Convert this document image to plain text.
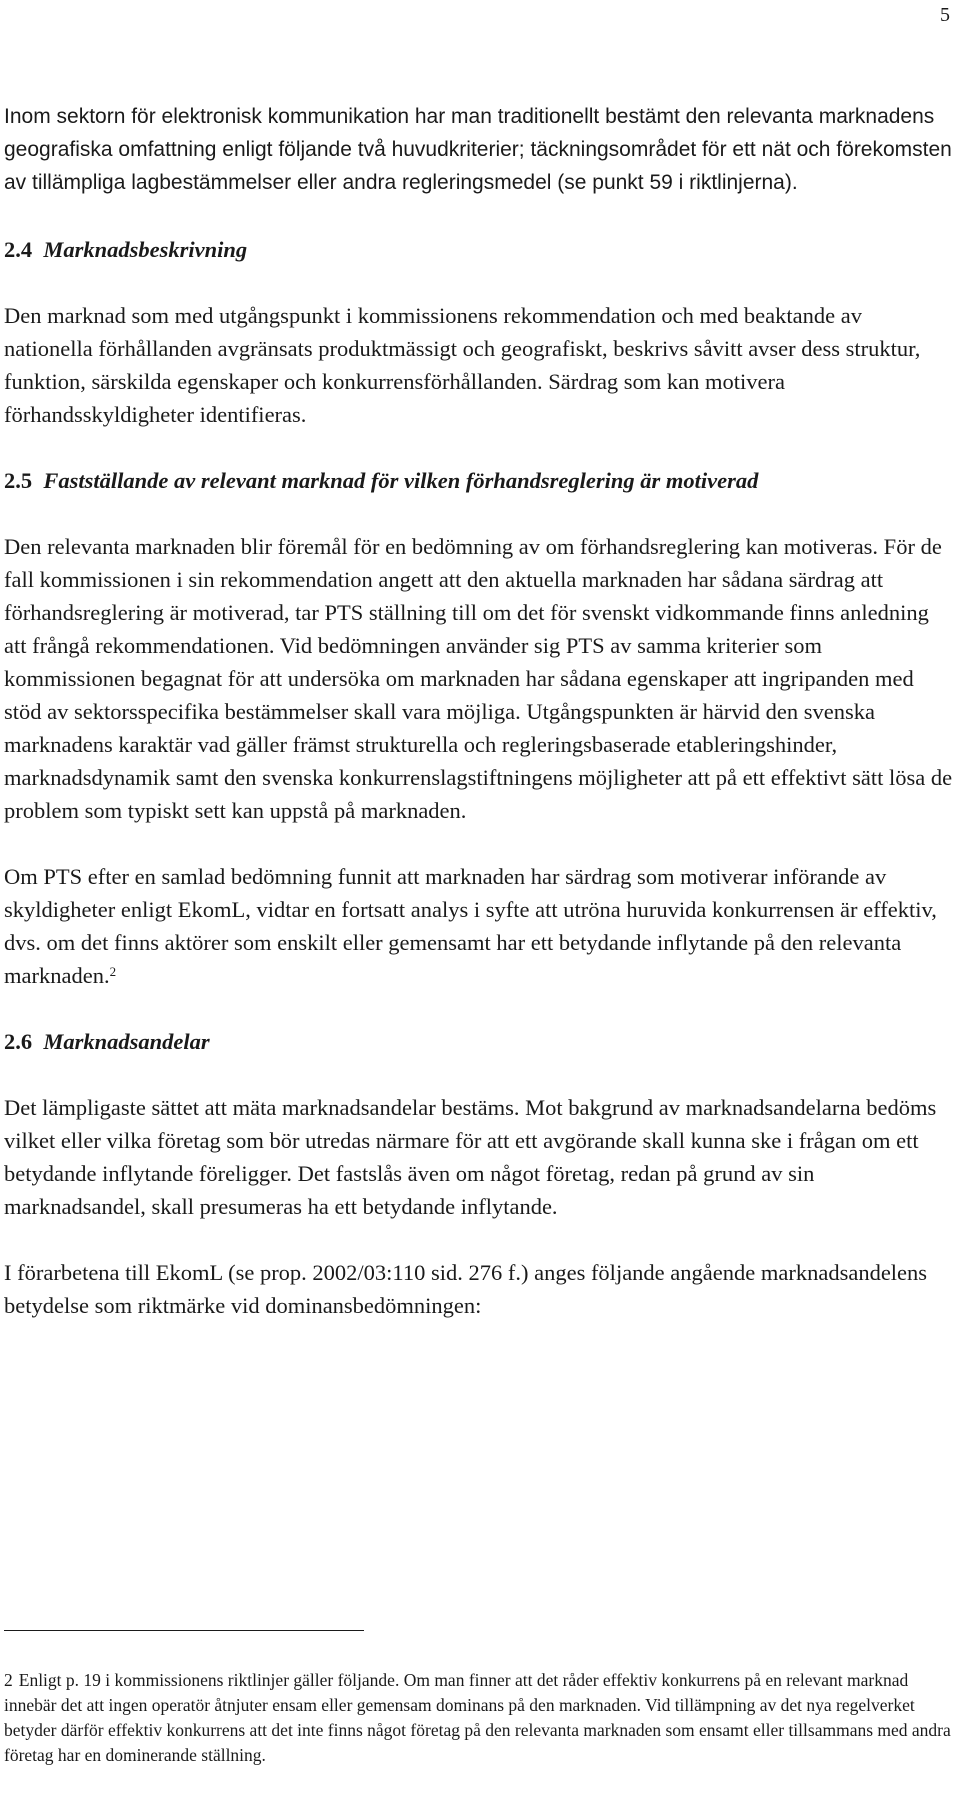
5

Inom sektorn för elektronisk kommunikation har man traditionellt bestämt den relevanta marknadens geografiska omfattning enligt följande två huvudkriterier; täckningsområdet för ett nät och förekomsten av tillämpliga lagbestämmelser eller andra regleringsmedel (se punkt 59 i riktlinjerna).

2.4 Marknadsbeskrivning

Den marknad som med utgångspunkt i kommissionens rekommendation och med beaktande av nationella förhållanden avgränsats produktmässigt och geografiskt, beskrivs såvitt avser dess struktur, funktion, särskilda egenskaper och konkurrensförhållanden. Särdrag som kan motivera förhandsskyldigheter identifieras.

2.5 Fastställande av relevant marknad för vilken förhandsreglering är motiverad

Den relevanta marknaden blir föremål för en bedömning av om förhandsreglering kan motiveras. För de fall kommissionen i sin rekommendation angett att den aktuella marknaden har sådana särdrag att förhandsreglering är motiverad, tar PTS ställning till om det för svenskt vidkommande finns anledning att frångå rekommendationen. Vid bedömningen använder sig PTS av samma kriterier som kommissionen begagnat för att undersöka om marknaden har sådana egenskaper att ingripanden med stöd av sektorsspecifika bestämmelser skall vara möjliga. Utgångspunkten är härvid den svenska marknadens karaktär vad gäller främst strukturella och regleringsbaserade etableringshinder, marknadsdynamik samt den svenska konkurrenslagstiftningens möjligheter att på ett effektivt sätt lösa de problem som typiskt sett kan uppstå på marknaden.

Om PTS efter en samlad bedömning funnit att marknaden har särdrag som motiverar införande av skyldigheter enligt EkomL, vidtar en fortsatt analys i syfte att utröna huruvida konkurrensen är effektiv, dvs. om det finns aktörer som enskilt eller gemensamt har ett betydande inflytande på den relevanta marknaden.$^2$

2.6 Marknadsandelar

Det lämpligaste sättet att mäta marknadsandelar bestäms. Mot bakgrund av marknadsandelarna bedöms vilket eller vilka företag som bör utredas närmare för att ett avgörande skall kunna ske i frågan om ett betydande inflytande föreligger. Det fastslås även om något företag, redan på grund av sin marknadsandel, skall presumeras ha ett betydande inflytande.

I förarbetena till EkomL (se prop. 2002/03:110 sid. 276 f.) anges följande angående marknadsandelens betydelse som riktmärke vid dominansbedömningen:

2 Enligt p. 19 i kommissionens riktlinjer gäller följande. Om man finner att det råder effektiv konkurrens på en relevant marknad innebär det att ingen operatör åtnjuter ensam eller gemensam dominans på den marknaden. Vid tillämpning av det nya regelverket betyder därför effektiv konkurrens att det inte finns något företag på den relevanta marknaden som ensamt eller tillsammans med andra företag har en dominerande ställning.
